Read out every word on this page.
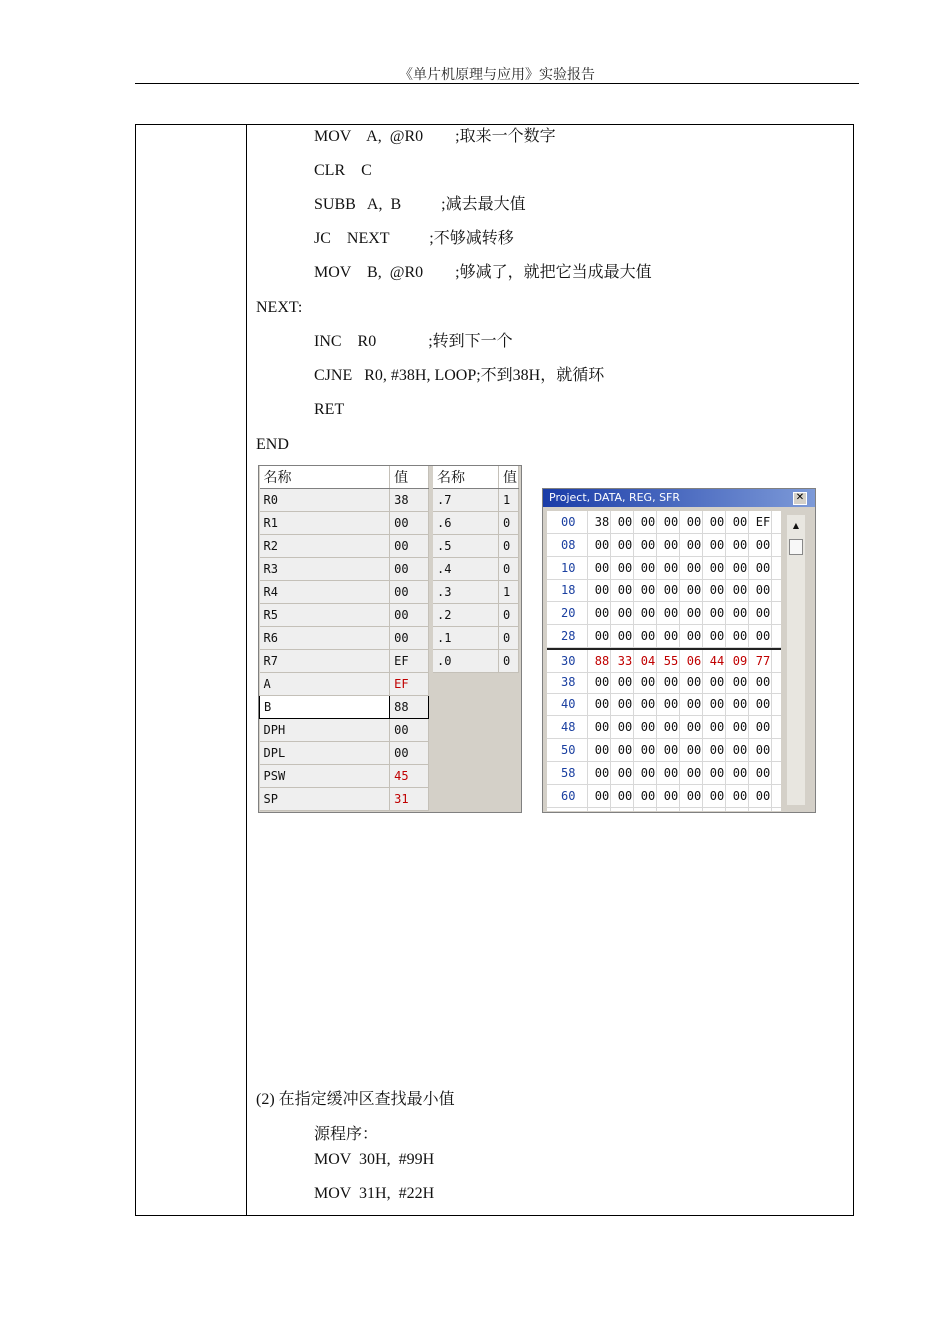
《单片机原理与应用》实验报告
MOV    A,  @R0        ;取来一个数字
CLR    C
SUBB   A,  B          ;减去最大值
JC    NEXT          ;不够减转移
MOV    B,  @R0        ;够减了，就把它当成最大值
NEXT:
INC    R0             ;转到下一个
CJNE   R0, #38H, LOOP;不到38H，就循环
RET
END
名称	值
R0	38
R1	00
R2	00
R3	00
R4	00
R5	00
R6	00
R7	EF
A	EF
B	88
DPH	00
DPL	00
PSW	45
SP	31
名称	值
.7	1
.6	0
.5	0
.4	0
.3	1
.2	0
.1	0
.0	0
Project, DATA, REG, SFR	✕
00	38 00 00 00 00 00 00 EF
08	00 00 00 00 00 00 00 00
10	00 00 00 00 00 00 00 00
18	00 00 00 00 00 00 00 00
20	00 00 00 00 00 00 00 00
28	00 00 00 00 00 00 00 00
30	88 33 04 55 06 44 09 77
38	00 00 00 00 00 00 00 00
40	00 00 00 00 00 00 00 00
48	00 00 00 00 00 00 00 00
50	00 00 00 00 00 00 00 00
58	00 00 00 00 00 00 00 00
60	00 00 00 00 00 00 00 00
▲
(2) 在指定缓冲区查找最小值
源程序：
MOV  30H,  #99H
MOV  31H,  #22H
